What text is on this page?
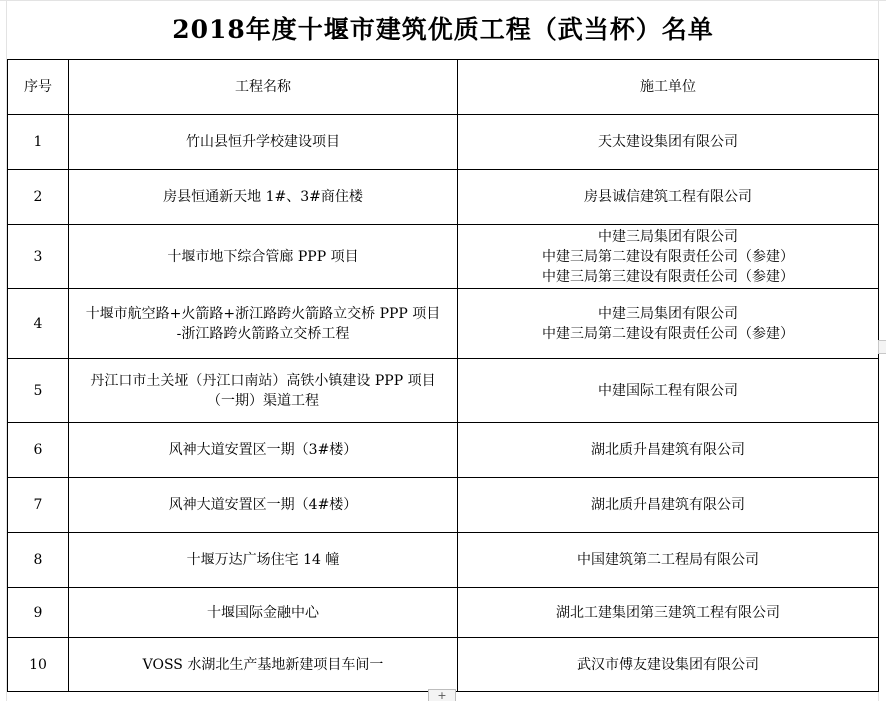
2018年度十堰市建筑优质工程（武当杯）名单
序号	工程名称	施工单位
1	竹山县恒升学校建设项目	天太建设集团有限公司
2	房县恒通新天地 1#、3#商住楼	房县诚信建筑工程有限公司
3	十堰市地下综合管廊 PPP 项目	中建三局集团有限公司
中建三局第二建设有限责任公司（参建）
中建三局第三建设有限责任公司（参建）

4	十堰市航空路+火箭路+浙江路跨火箭路立交桥 PPP 项目
-浙江路跨火箭路立交桥工程	中建三局集团有限公司
中建三局第二建设有限责任公司（参建）

5	丹江口市土关垭（丹江口南站）高铁小镇建设 PPP 项目
（一期）渠道工程	中建国际工程有限公司
6	风神大道安置区一期（3#楼）	湖北质升昌建筑有限公司
7	风神大道安置区一期（4#楼）	湖北质升昌建筑有限公司
8	十堰万达广场住宅 14 幢	中国建筑第二工程局有限公司
9	十堰国际金融中心	湖北工建集团第三建筑工程有限公司
10	VOSS 水湖北生产基地新建项目车间一	武汉市傅友建设集团有限公司
+
